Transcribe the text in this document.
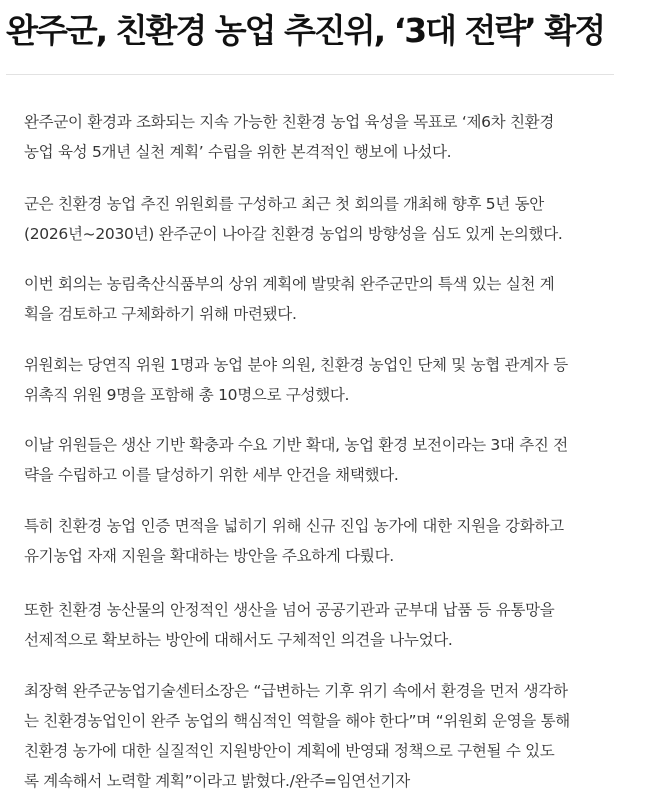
완주군, 친환경 농업 추진위, ‘3대 전략’ 확정

완주군이 환경과 조화되는 지속 가능한 친환경 농업 육성을 목표로 ‘제6차 친환경
농업 육성 5개년 실천 계획’ 수립을 위한 본격적인 행보에 나섰다.

군은 친환경 농업 추진 위원회를 구성하고 최근 첫 회의를 개최해 향후 5년 동안
(2026년~2030년) 완주군이 나아갈 친환경 농업의 방향성을 심도 있게 논의했다.

이번 회의는 농림축산식품부의 상위 계획에 발맞춰 완주군만의 특색 있는 실천 계
획을 검토하고 구체화하기 위해 마련됐다.

위원회는 당연직 위원 1명과 농업 분야 의원, 친환경 농업인 단체 및 농협 관계자 등
위촉직 위원 9명을 포함해 총 10명으로 구성했다.

이날 위원들은 생산 기반 확충과 수요 기반 확대, 농업 환경 보전이라는 3대 추진 전
략을 수립하고 이를 달성하기 위한 세부 안건을 채택했다.

특히 친환경 농업 인증 면적을 넓히기 위해 신규 진입 농가에 대한 지원을 강화하고
유기농업 자재 지원을 확대하는 방안을 주요하게 다뤘다.

또한 친환경 농산물의 안정적인 생산을 넘어 공공기관과 군부대 납품 등 유통망을
선제적으로 확보하는 방안에 대해서도 구체적인 의견을 나누었다.

최장혁 완주군농업기술센터소장은 “급변하는 기후 위기 속에서 환경을 먼저 생각하
는 친환경농업인이 완주 농업의 핵심적인 역할을 해야 한다”며 “위원회 운영을 통해
친환경 농가에 대한 실질적인 지원방안이 계획에 반영돼 정책으로 구현될 수 있도
록 계속해서 노력할 계획”이라고 밝혔다./완주=임연선기자
